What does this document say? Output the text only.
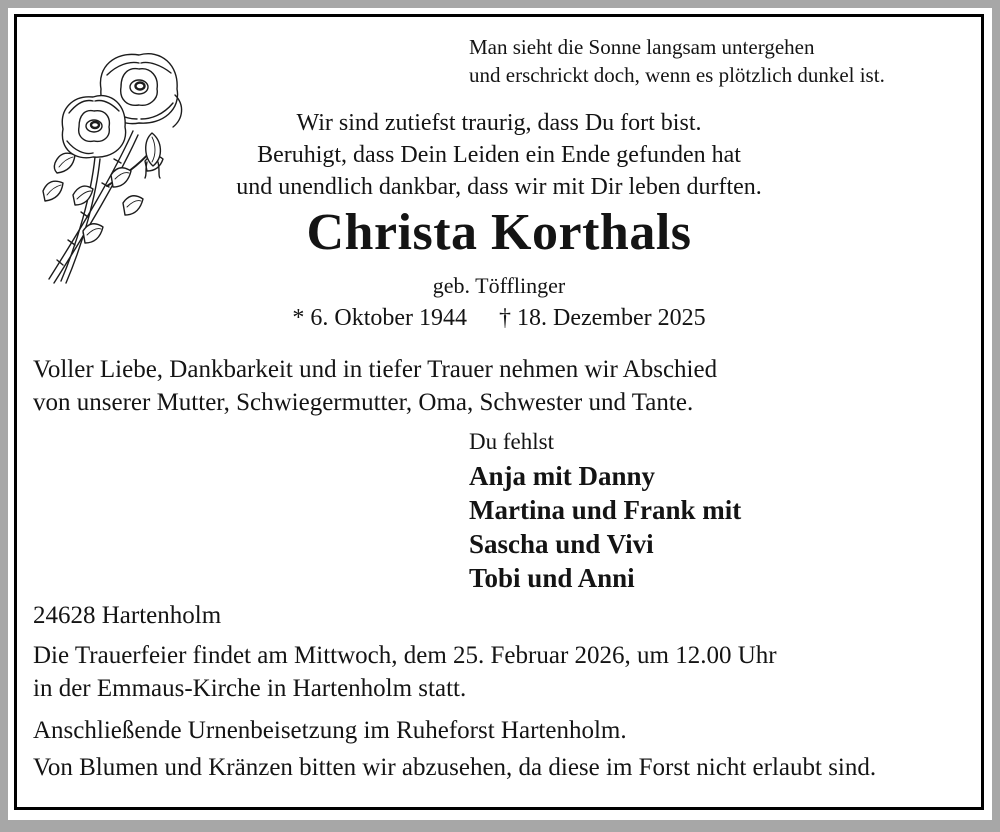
Man sieht die Sonne langsam untergehen
und erschrickt doch, wenn es plötzlich dunkel ist.
Wir sind zutiefst traurig, dass Du fort bist.
Beruhigt, dass Dein Leiden ein Ende gefunden hat
und unendlich dankbar, dass wir mit Dir leben durften.
Christa Korthals
geb. Töfflinger
* 6. Oktober 1944 † 18. Dezember 2025
Voller Liebe, Dankbarkeit und in tiefer Trauer nehmen wir Abschied
von unserer Mutter, Schwiegermutter, Oma, Schwester und Tante.
Du fehlst
Anja mit Danny
Martina und Frank mit
Sascha und Vivi
Tobi und Anni
24628 Hartenholm
Die Trauerfeier findet am Mittwoch, dem 25. Februar 2026, um 12.00 Uhr
in der Emmaus-Kirche in Hartenholm statt.
Anschließende Urnenbeisetzung im Ruheforst Hartenholm.
Von Blumen und Kränzen bitten wir abzusehen, da diese im Forst nicht erlaubt sind.
